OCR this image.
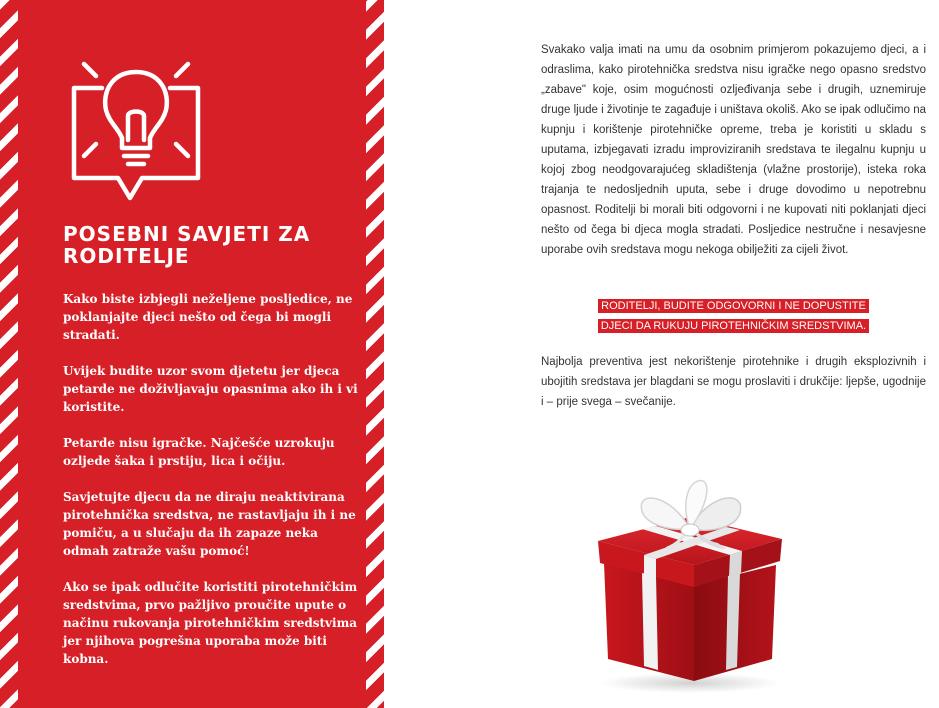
POSEBNI SAVJETI ZA RODITELJE

Kako biste izbjegli neželjene posljedice, ne poklanjajte djeci nešto od čega bi mogli stradati.

Uvijek budite uzor svom djetetu jer djeca petarde ne doživljavaju opasnima ako ih i vi koristite.

Petarde nisu igračke. Najčešće uzrokuju ozljede šaka i prstiju, lica i očiju.

Savjetujte djecu da ne diraju neaktivirana pirotehnička sredstva, ne rastavljaju ih i ne pomiču, a u slučaju da ih zapaze neka odmah zatraže vašu pomoć!

Ako se ipak odlučite koristiti pirotehničkim sredstvima, prvo pažljivo proučite upute o načinu rukovanja pirotehničkim sredstvima jer njihova pogrešna uporaba može biti kobna.

Svakako valja imati na umu da osobnim primjerom pokazujemo djeci, a i odraslima, kako pirotehnička sredstva nisu igračke nego opasno sredstvo „zabave" koje, osim mogućnosti ozljeđivanja sebe i drugih, uznemiruje druge ljude i životinje te zagađuje i uništava okoliš. Ako se ipak odlučimo na kupnju i korištenje pirotehničke opreme, treba je koristiti u skladu s uputama, izbjegavati izradu improviziranih sredstava te ilegalnu kupnju u kojoj zbog neodgovarajućeg skladištenja (vlažne prostorije), isteka roka trajanja te nedosljednih uputa, sebe i druge dovodimo u nepotrebnu opasnost. Roditelji bi morali biti odgovorni i ne kupovati niti poklanjati djeci nešto od čega bi djeca mogla stradati. Posljedice nestručne i nesavjesne uporabe ovih sredstava mogu nekoga obilježiti za cijeli život.

RODITELJI, BUDITE ODGOVORNI I NE DOPUSTITE
DJECI DA RUKUJU PIROTEHNIČKIM SREDSTVIMA.

Najbolja preventiva jest nekorištenje pirotehnike i drugih eksplozivnih i ubojitih sredstava jer blagdani se mogu proslaviti i drukčije: ljepše, ugodnije i – prije svega – svečanije.
